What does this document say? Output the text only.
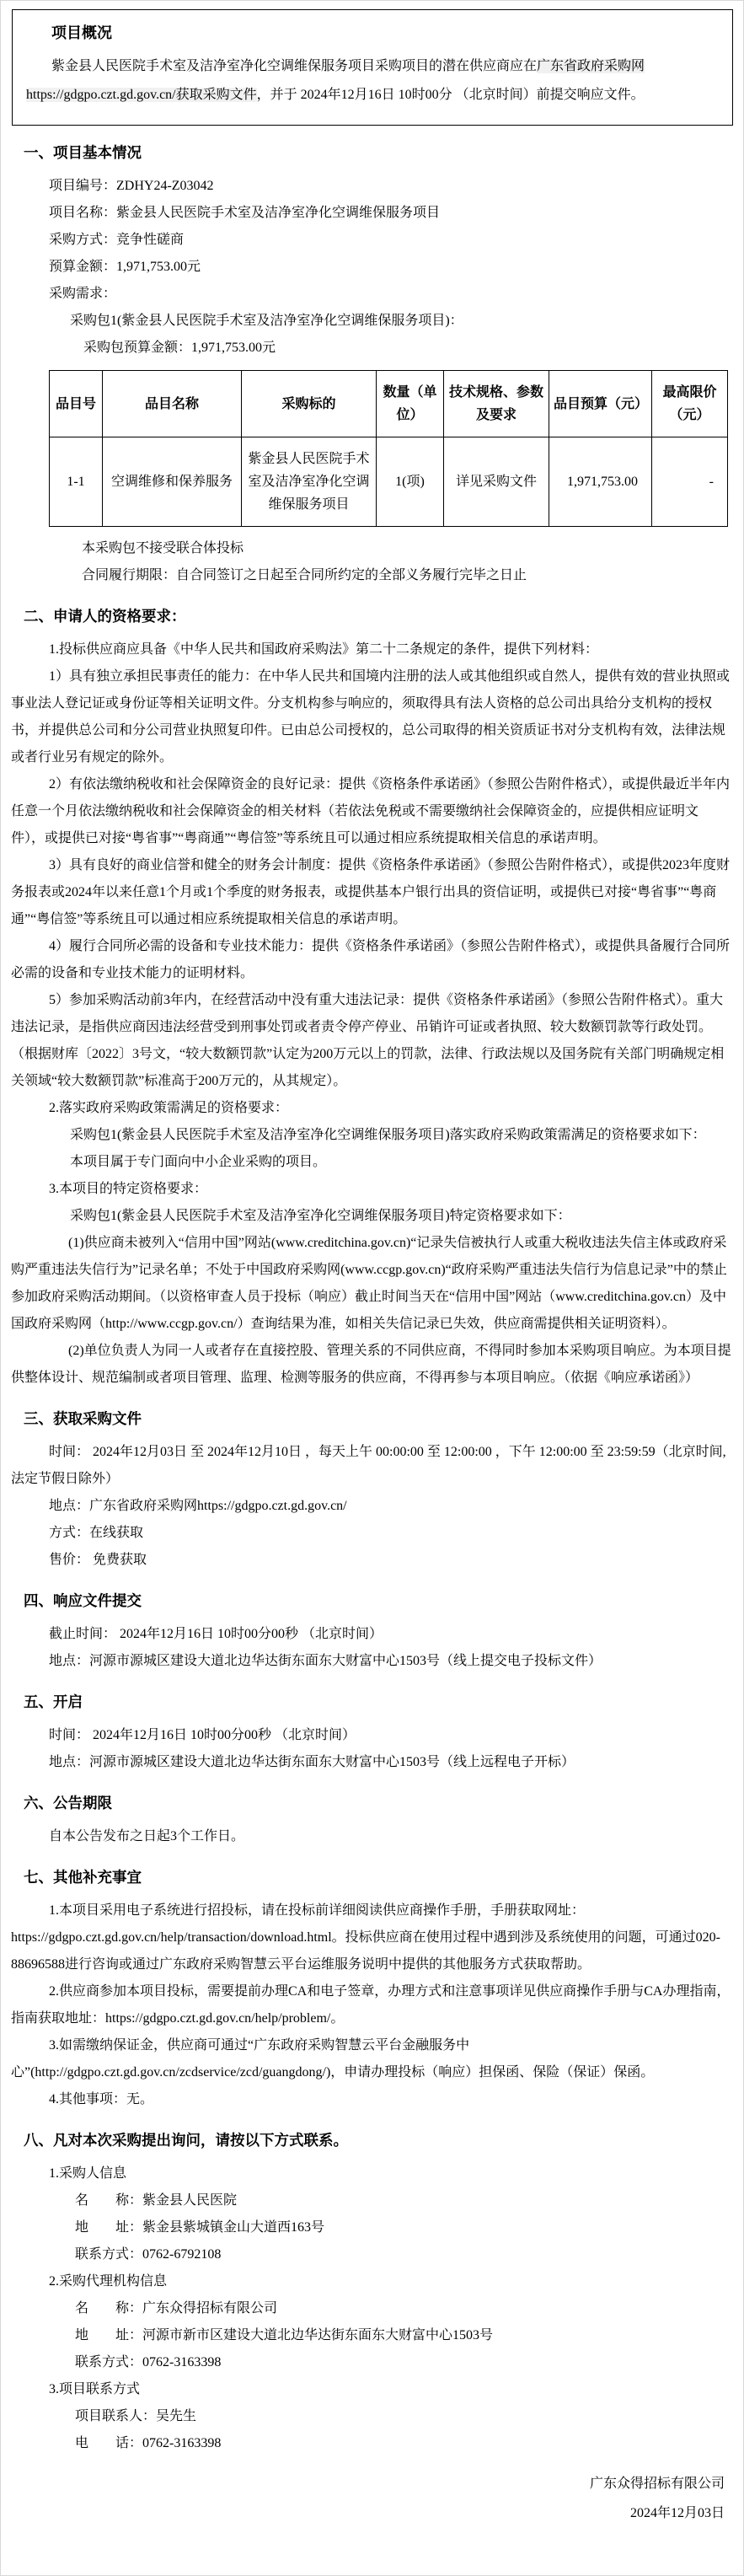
项目概况

紫金县人民医院手术室及洁净室净化空调维保服务项目采购项目的潜在供应商应在广东省政府采购网https://gdgpo.czt.gd.gov.cn/获取采购文件，并于 2024年12月16日 10时00分 （北京时间）前提交响应文件。

一、项目基本情况
项目编号：ZDHY24-Z03042
项目名称：紫金县人民医院手术室及洁净室净化空调维保服务项目
采购方式：竞争性磋商
预算金额：1,971,753.00元
采购需求：
采购包1(紫金县人民医院手术室及洁净室净化空调维保服务项目)：
采购包预算金额：1,971,753.00元
品目号	品目名称	采购标的	数量（单位）	技术规格、参数及要求	品目预算（元）	最高限价（元）
1-1	空调维修和保养服务	紫金县人民医院手术室及洁净室净化空调维保服务项目	1(项)	详见采购文件	1,971,753.00	-
本采购包不接受联合体投标
合同履行期限：自合同签订之日起至合同所约定的全部义务履行完毕之日止
二、申请人的资格要求：
1.投标供应商应具备《中华人民共和国政府采购法》第二十二条规定的条件，提供下列材料：
1）具有独立承担民事责任的能力：在中华人民共和国境内注册的法人或其他组织或自然人，提供有效的营业执照或事业法人登记证或身份证等相关证明文件。分支机构参与响应的，须取得具有法人资格的总公司出具给分支机构的授权书，并提供总公司和分公司营业执照复印件。已由总公司授权的，总公司取得的相关资质证书对分支机构有效，法律法规或者行业另有规定的除外。
2）有依法缴纳税收和社会保障资金的良好记录：提供《资格条件承诺函》（参照公告附件格式），或提供最近半年内任意一个月依法缴纳税收和社会保障资金的相关材料（若依法免税或不需要缴纳社会保障资金的，应提供相应证明文件），或提供已对接“粤省事”“粤商通”“粤信签”等系统且可以通过相应系统提取相关信息的承诺声明。
3）具有良好的商业信誉和健全的财务会计制度：提供《资格条件承诺函》（参照公告附件格式），或提供2023年度财务报表或2024年以来任意1个月或1个季度的财务报表，或提供基本户银行出具的资信证明，或提供已对接“粤省事”“粤商通”“粤信签”等系统且可以通过相应系统提取相关信息的承诺声明。
4）履行合同所必需的设备和专业技术能力：提供《资格条件承诺函》（参照公告附件格式），或提供具备履行合同所必需的设备和专业技术能力的证明材料。
5）参加采购活动前3年内，在经营活动中没有重大违法记录：提供《资格条件承诺函》（参照公告附件格式）。重大违法记录，是指供应商因违法经营受到刑事处罚或者责令停产停业、吊销许可证或者执照、较大数额罚款等行政处罚。（根据财库〔2022〕3号文，“较大数额罚款”认定为200万元以上的罚款，法律、行政法规以及国务院有关部门明确规定相关领域“较大数额罚款”标准高于200万元的，从其规定）。
2.落实政府采购政策需满足的资格要求：
采购包1(紫金县人民医院手术室及洁净室净化空调维保服务项目)落实政府采购政策需满足的资格要求如下：
本项目属于专门面向中小企业采购的项目。
3.本项目的特定资格要求：
采购包1(紫金县人民医院手术室及洁净室净化空调维保服务项目)特定资格要求如下：
(1)供应商未被列入“信用中国”网站(www.creditchina.gov.cn)“记录失信被执行人或重大税收违法失信主体或政府采购严重违法失信行为”记录名单；不处于中国政府采购网(www.ccgp.gov.cn)“政府采购严重违法失信行为信息记录”中的禁止参加政府采购活动期间。（以资格审查人员于投标（响应）截止时间当天在“信用中国”网站（www.creditchina.gov.cn）及中国政府采购网（http://www.ccgp.gov.cn/）查询结果为准，如相关失信记录已失效，供应商需提供相关证明资料）。
(2)单位负责人为同一人或者存在直接控股、管理关系的不同供应商，不得同时参加本采购项目响应。为本项目提供整体设计、规范编制或者项目管理、监理、检测等服务的供应商，不得再参与本项目响应。（依据《响应承诺函》）
三、获取采购文件
时间： 2024年12月03日 至 2024年12月10日 ，每天上午 00:00:00 至 12:00:00 ，下午 12:00:00 至 23:59:59（北京时间,法定节假日除外）
地点：广东省政府采购网https://gdgpo.czt.gd.gov.cn/
方式：在线获取
售价： 免费获取
四、响应文件提交
截止时间： 2024年12月16日 10时00分00秒 （北京时间）
地点：河源市源城区建设大道北边华达街东面东大财富中心1503号（线上提交电子投标文件）
五、开启
时间： 2024年12月16日 10时00分00秒 （北京时间）
地点：河源市源城区建设大道北边华达街东面东大财富中心1503号（线上远程电子开标）
六、公告期限
自本公告发布之日起3个工作日。
七、其他补充事宜
1.本项目采用电子系统进行招投标，请在投标前详细阅读供应商操作手册，手册获取网址：https://gdgpo.czt.gd.gov.cn/help/transaction/download.html。投标供应商在使用过程中遇到涉及系统使用的问题，可通过020-88696588进行咨询或通过广东政府采购智慧云平台运维服务说明中提供的其他服务方式获取帮助。
2.供应商参加本项目投标，需要提前办理CA和电子签章，办理方式和注意事项详见供应商操作手册与CA办理指南，指南获取地址：https://gdgpo.czt.gd.gov.cn/help/problem/。
3.如需缴纳保证金，供应商可通过“广东政府采购智慧云平台金融服务中心”(http://gdgpo.czt.gd.gov.cn/zcdservice/zcd/guangdong/)，申请办理投标（响应）担保函、保险（保证）保函。
4.其他事项：无。
八、凡对本次采购提出询问，请按以下方式联系。
1.采购人信息
名　　称：紫金县人民医院
地　　址：紫金县紫城镇金山大道西163号
联系方式：0762-6792108
2.采购代理机构信息
名　　称：广东众得招标有限公司
地　　址：河源市新市区建设大道北边华达街东面东大财富中心1503号
联系方式：0762-3163398
3.项目联系方式
项目联系人：吴先生
电　　话：0762-3163398
广东众得招标有限公司
2024年12月03日
